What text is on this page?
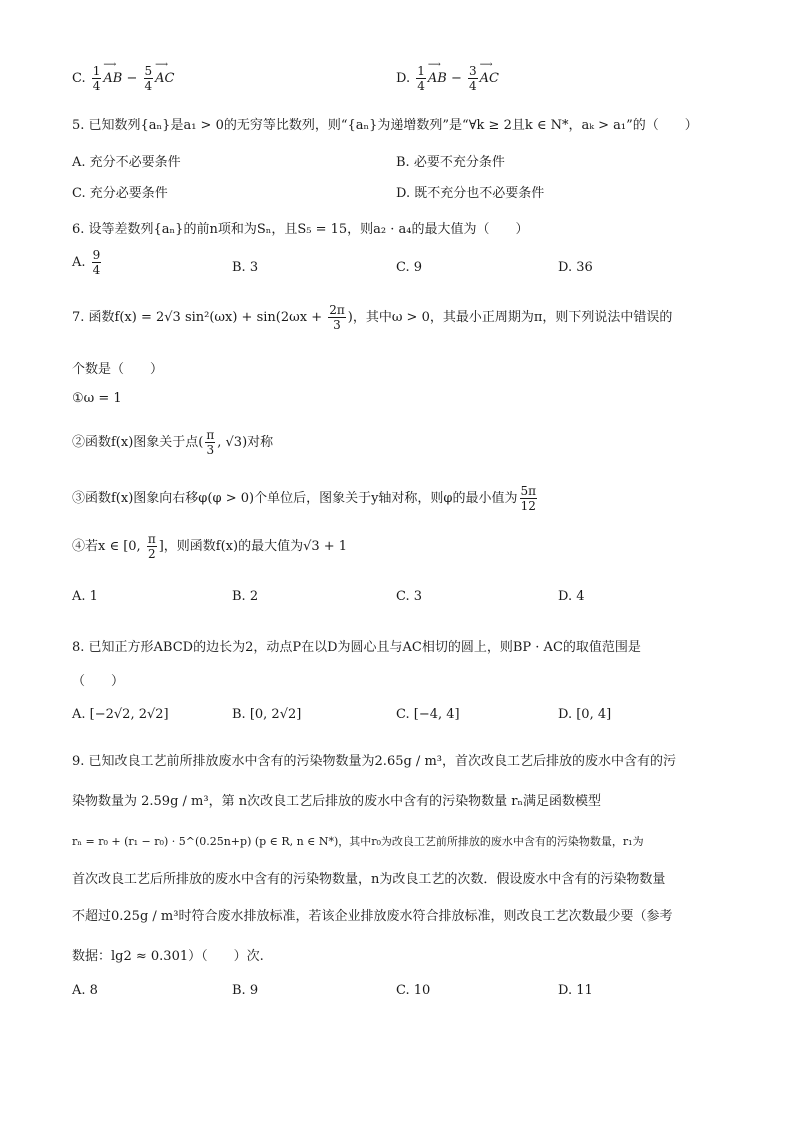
C. $\frac{1}{4}$ ⟶ AB − $\frac{5}{4}$ ⟶ AC	D. $\frac{1}{4}$ ⟶ AB − $\frac{3}{4}$ ⟶ AC
5. 已知数列{aₙ}是a₁ > 0的无穷等比数列，则“{aₙ}为递增数列”是“∀k ≥ 2且k ∈ N*，aₖ > a₁”的（　　）
A. 充分不必要条件	B. 必要不充分条件
C. 充分必要条件	D. 既不充分也不必要条件
6. 设等差数列{aₙ}的前n项和为Sₙ，且S₅ = 15，则a₂ · a₄的最大值为（　　）
A. $\frac{9}{4}$	B. 3	C. 9	D. 36
7. 函数f(x) = 2√3 $\sin^2(\omega x) + \sin(2\omega x + \frac{2\pi}{3}$ )，其中ω > 0，其最小正周期为π，则下列说法中错误的
个数是（　　）
①ω = 1
②函数f(x)图象关于点( $\frac{\pi}{3}$ , √3)对称
③函数f(x)图象向右移φ(φ > 0)个单位后，图象关于y轴对称，则φ的最小值为 $\frac{5\pi}{12}$
④若x ∈ [0, $\frac{\pi}{2}$ ]，则函数f(x)的最大值为√3 + 1
A. 1	B. 2	C. 3	D. 4
8. 已知正方形ABCD的边长为2，动点P在以D为圆心且与AC相切的圆上，则BP · AC的取值范围是
（　　）
A. [−2√2, 2√2]	B. [0, 2√2]	C. [−4, 4]	D. [0, 4]
9. 已知改良工艺前所排放废水中含有的污染物数量为2.65g / m³，首次改良工艺后排放的废水中含有的污
染物数量为 2.59g / m³，第 n次改良工艺后排放的废水中含有的污染物数量 rₙ满足函数模型
rₙ = r₀ + (r₁ − r₀) · 5^(0.25n+p) (p ∈ R, n ∈ N*)，其中r₀为改良工艺前所排放的废水中含有的污染物数量，r₁为
首次改良工艺后所排放的废水中含有的污染物数量，n为改良工艺的次数．假设废水中含有的污染物数量
不超过0.25g / m³时符合废水排放标准，若该企业排放废水符合排放标准，则改良工艺次数最少要（参考
数据：lg2 ≈ 0.301）（　　）次.
A. 8	B. 9	C. 10	D. 11
